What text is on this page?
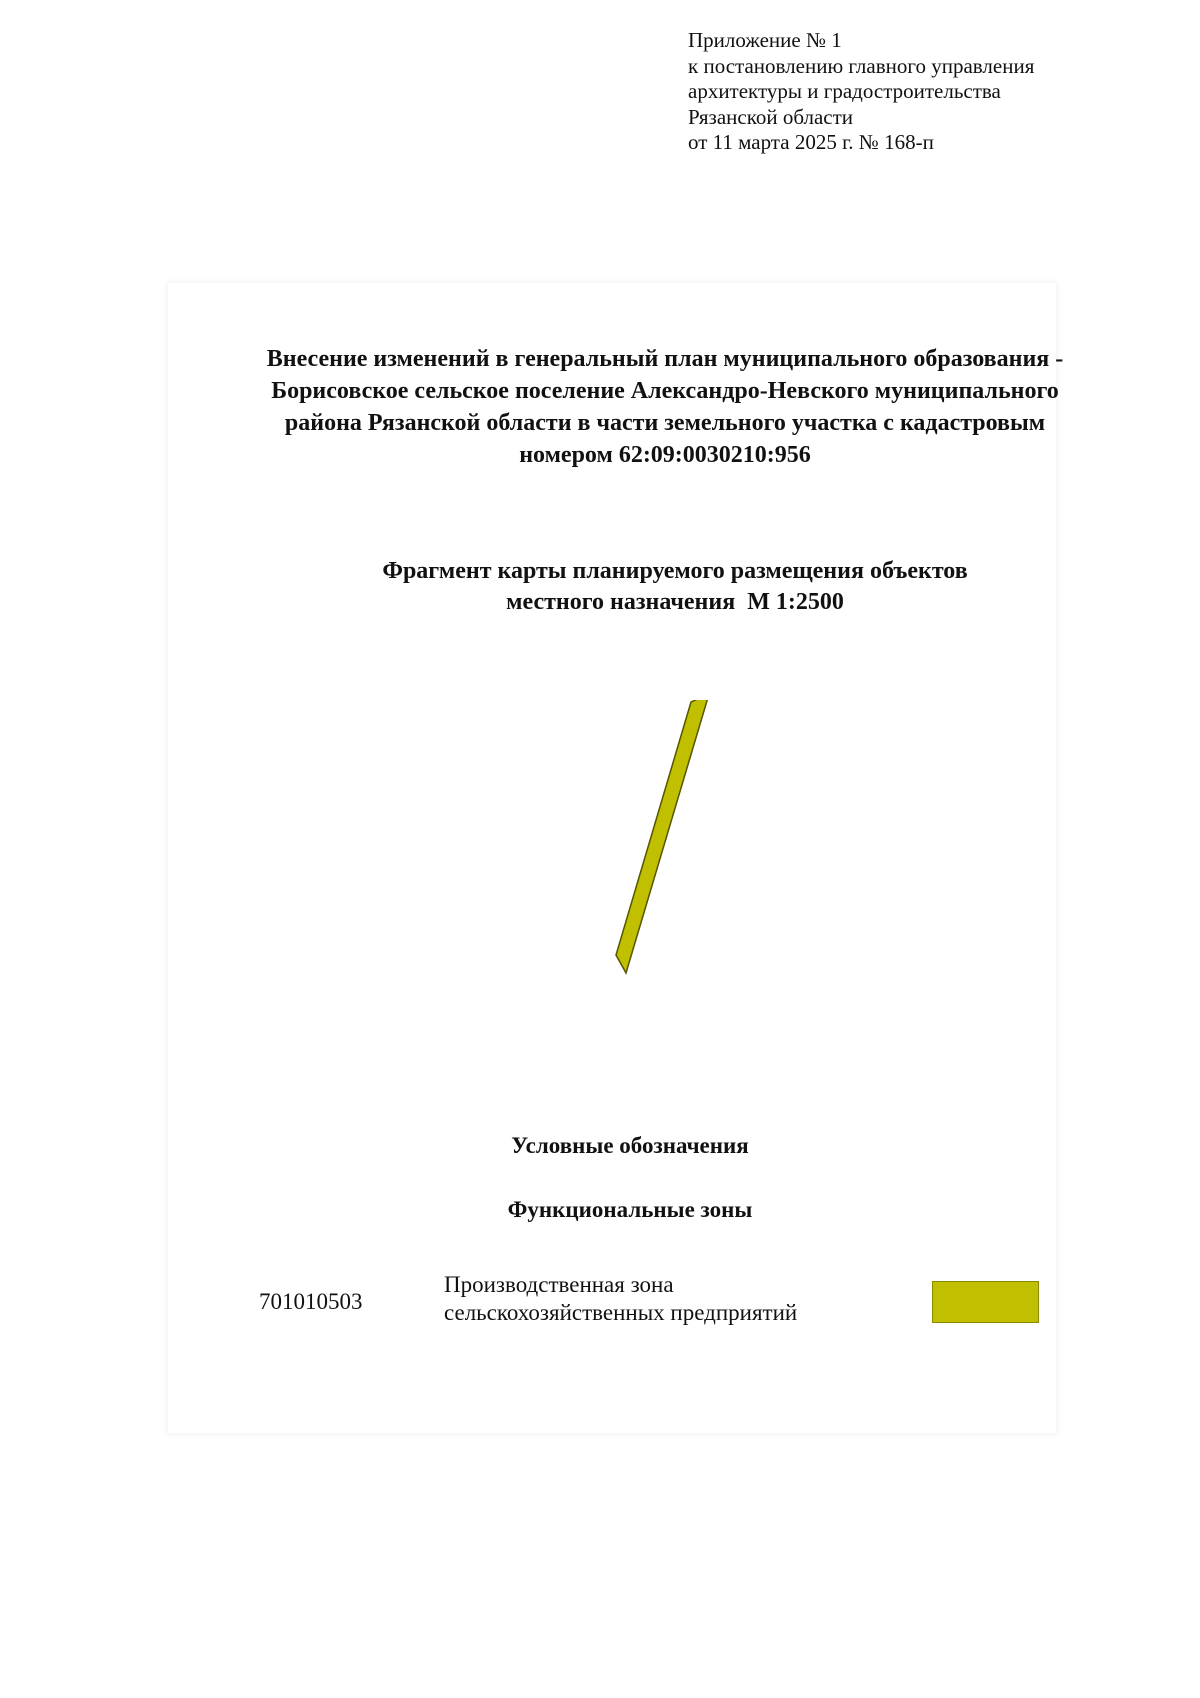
Приложение № 1
к постановлению главного управления
архитектуры и градостроительства
Рязанской области
от 11 марта 2025 г. № 168-п
Внесение изменений в генеральный план муниципального образования -
Борисовское сельское поселение Александро-Невского муниципального
района Рязанской области в части земельного участка с кадастровым
номером 62:09:0030210:956
Фрагмент карты планируемого размещения объектов
местного назначения  М 1:2500
Условные обозначения
Функциональные зоны
701010503
Производственная зона
сельскохозяйственных предприятий
